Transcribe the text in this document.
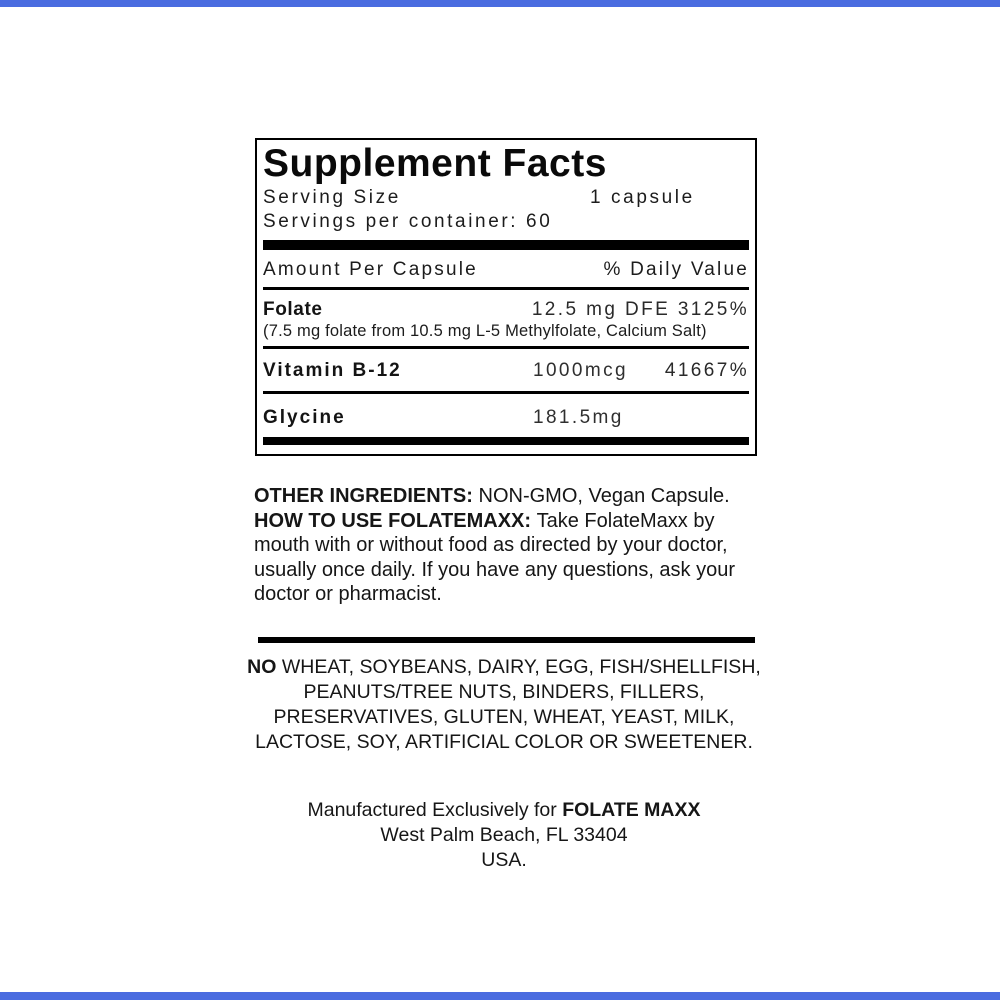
Supplement Facts
Serving Size	1 capsule
Servings per container: 60
Amount Per Capsule	% Daily Value
Folate	12.5 mg DFE 3125%
(7.5 mg folate from 10.5 mg L-5 Methylfolate, Calcium Salt)
Vitamin B-12	1000mcg 41667%
Glycine	181.5mg

OTHER INGREDIENTS: NON-GMO, Vegan Capsule.

HOW TO USE FOLATEMAXX: Take FolateMaxx by mouth with or without food as directed by your doctor, usually once daily. If you have any questions, ask your doctor or pharmacist.

NO WHEAT, SOYBEANS, DAIRY, EGG, FISH/SHELLFISH, PEANUTS/TREE NUTS, BINDERS, FILLERS, PRESERVATIVES, GLUTEN, WHEAT, YEAST, MILK, LACTOSE, SOY, ARTIFICIAL COLOR OR SWEETENER.
Manufactured Exclusively for FOLATE MAXX
West Palm Beach, FL 33404
USA.
